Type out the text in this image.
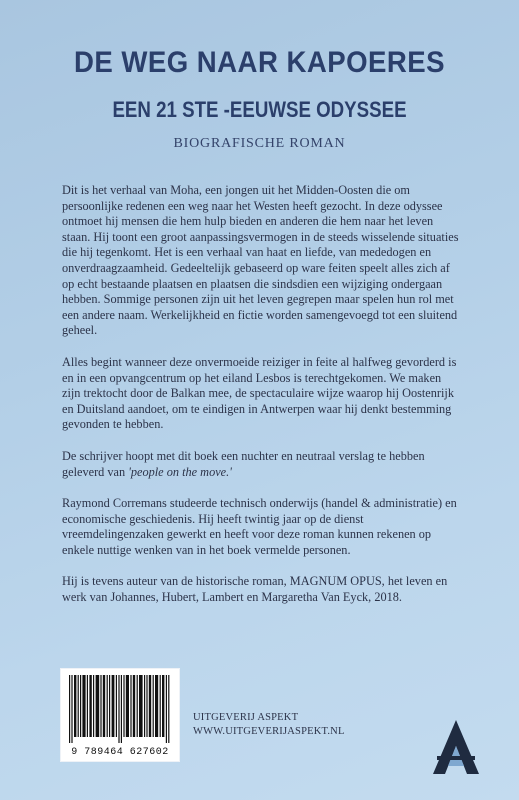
DE WEG NAAR KAPOERES
EEN 21 STE -EEUWSE ODYSSEE
BIOGRAFISCHE ROMAN

Dit is het verhaal van Moha, een jongen uit het Midden-Oosten die om persoonlijke redenen een weg naar het Westen heeft gezocht. In deze odyssee ontmoet hij mensen die hem hulp bieden en anderen die hem naar het leven staan. Hij toont een groot aanpassingsvermogen in de steeds wisselende situaties die hij tegenkomt. Het is een verhaal van haat en liefde, van mededogen en onverdraagzaamheid. Gedeeltelijk gebaseerd op ware feiten speelt alles zich af op echt bestaande plaatsen en plaatsen die sindsdien een wijziging ondergaan hebben. Sommige personen zijn uit het leven gegrepen maar spelen hun rol met een andere naam. Werkelijkheid en fictie worden samengevoegd tot een sluitend geheel.

Alles begint wanneer deze onvermoeide reiziger in feite al halfweg gevorderd is en in een opvangcentrum op het eiland Lesbos is terechtgekomen. We maken zijn trektocht door de Balkan mee, de spectaculaire wijze waarop hij Oostenrijk en Duitsland aandoet, om te eindigen in Antwerpen waar hij denkt bestemming gevonden te hebben.

De schrijver hoopt met dit boek een nuchter en neutraal verslag te hebben geleverd van 'people on the move.'

Raymond Corremans studeerde technisch onderwijs (handel & administratie) en economische geschiedenis. Hij heeft twintig jaar op de dienst vreemdelingenzaken gewerkt en heeft voor deze roman kunnen rekenen op enkele nuttige wenken van in het boek vermelde personen.

Hij is tevens auteur van de historische roman, MAGNUM OPUS, het leven en werk van Johannes, Hubert, Lambert en Margaretha Van Eyck, 2018.

9 789464 627602
UITGEVERIJ ASPEKT
WWW.UITGEVERIJASPEKT.NL
